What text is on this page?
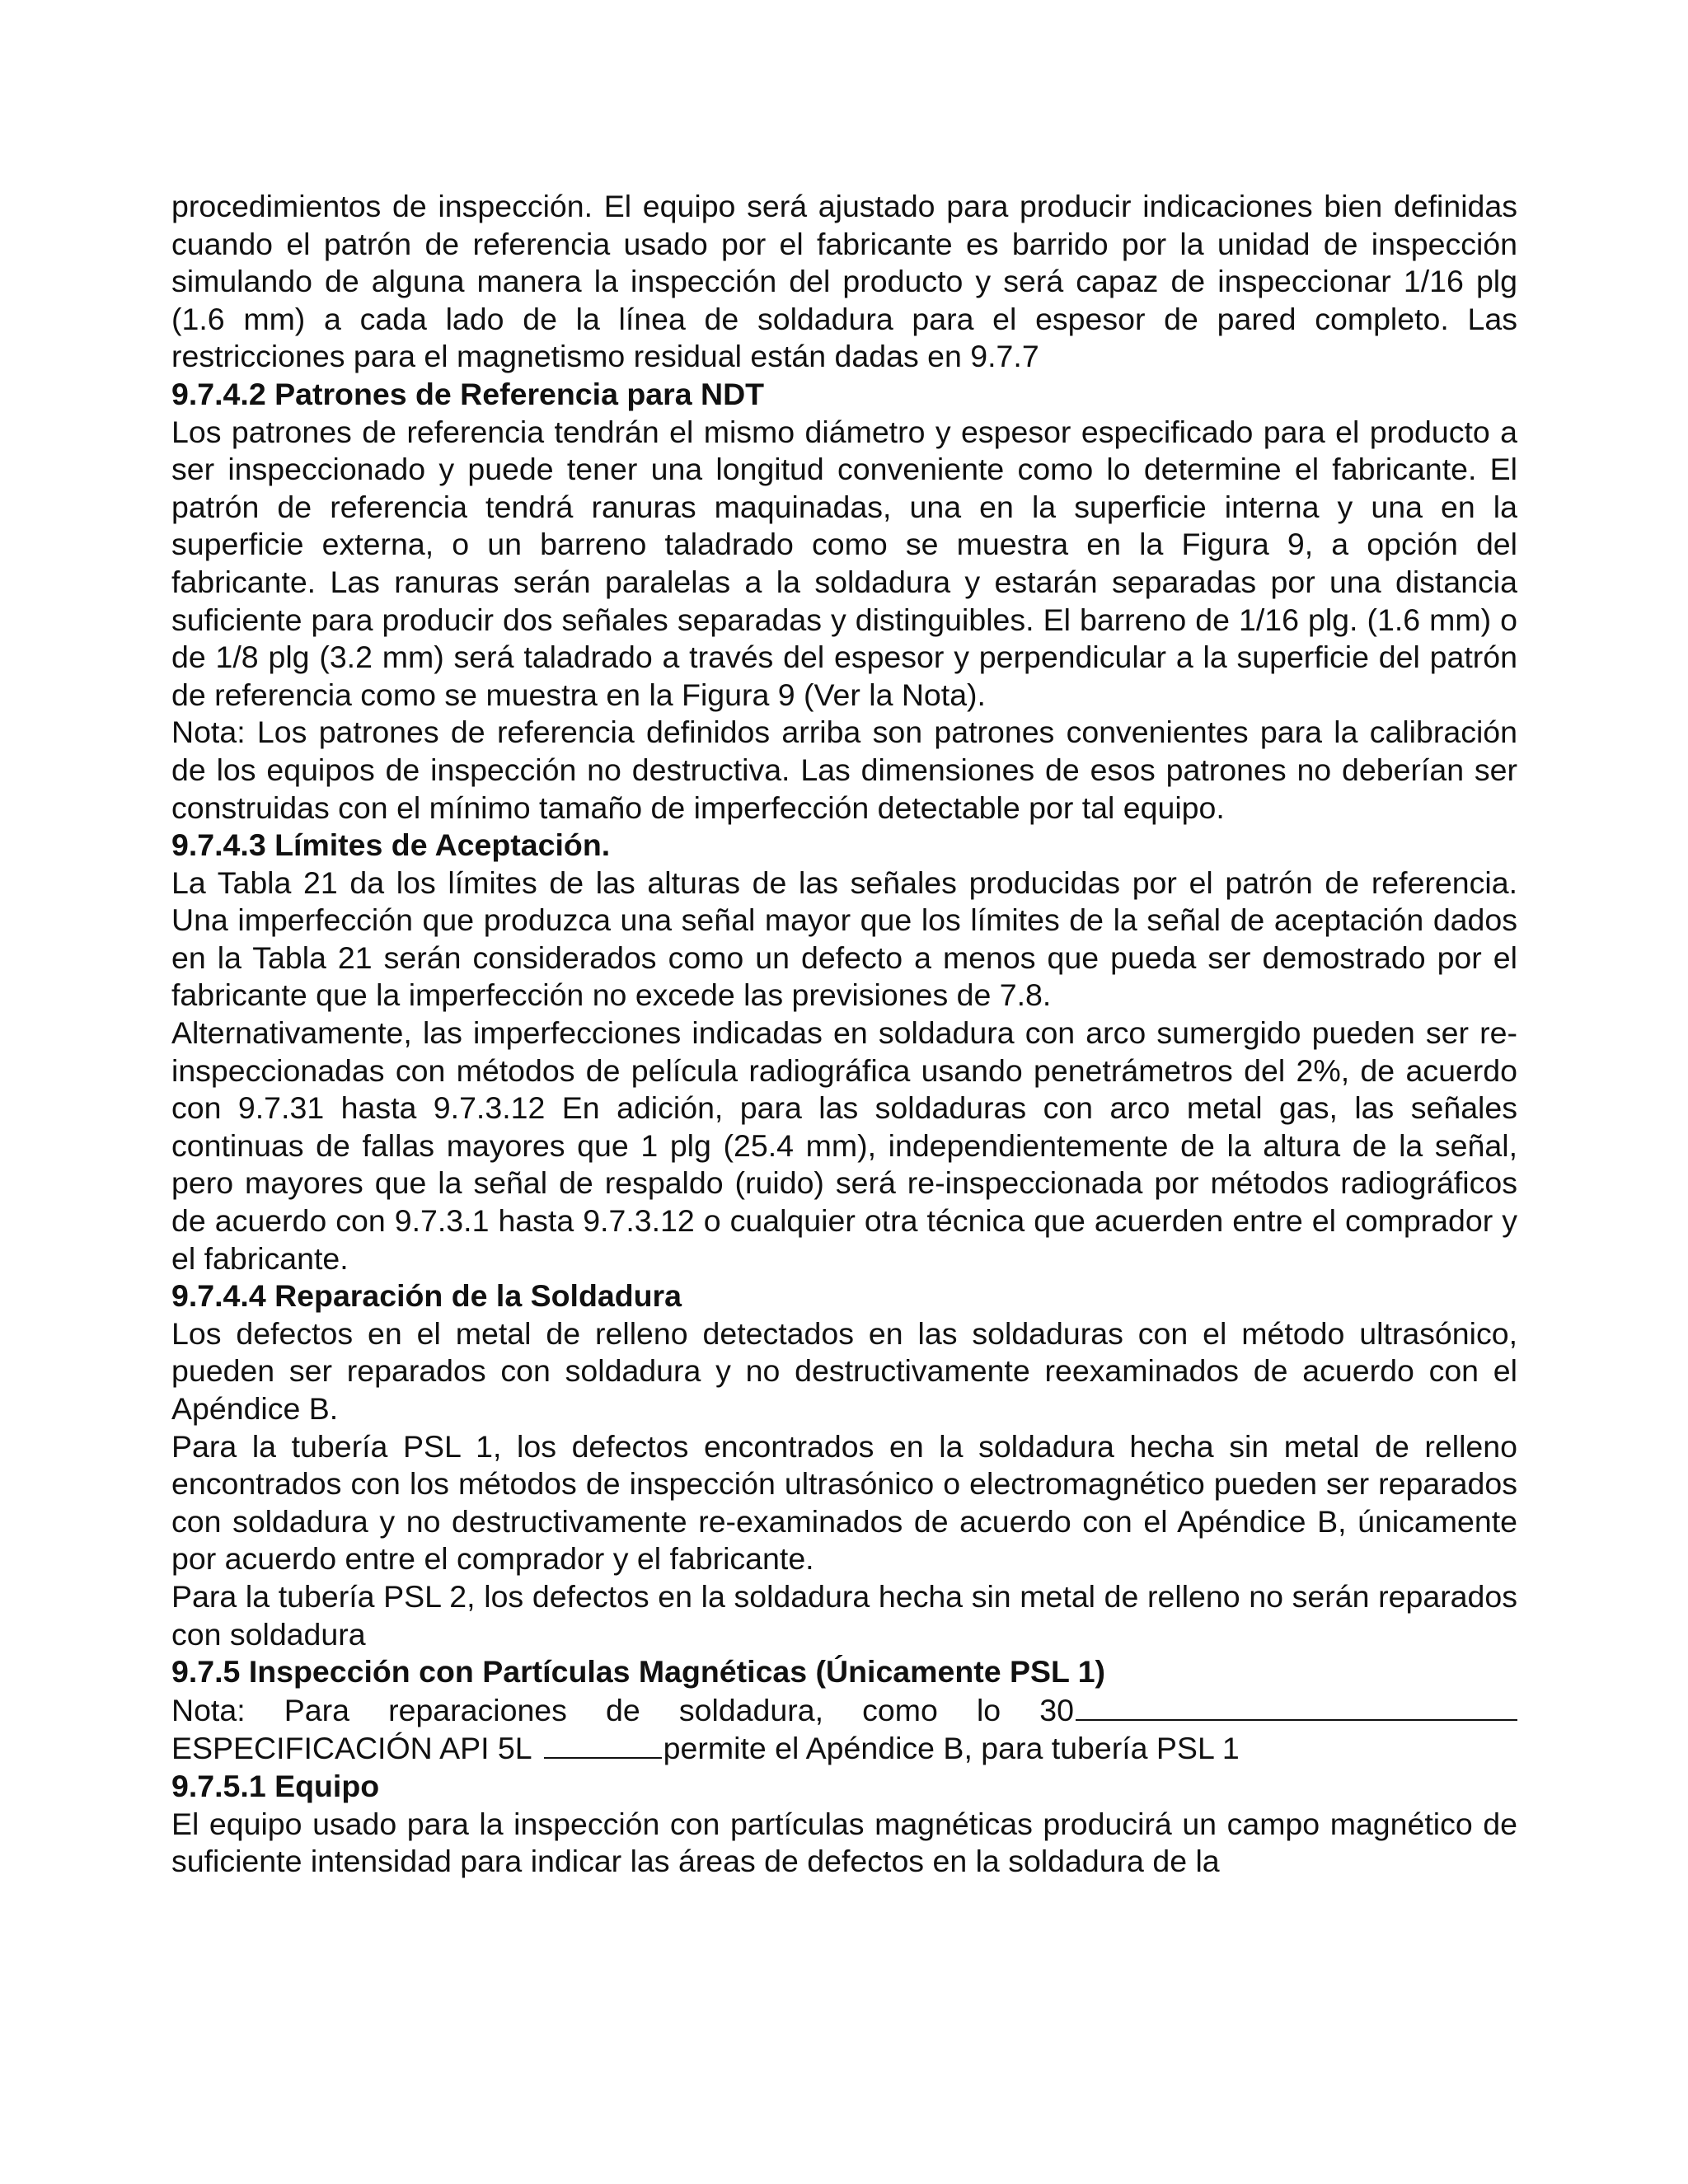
procedimientos de inspección. El equipo será ajustado para producir indicaciones bien definidas cuando el patrón de referencia usado por el fabricante es barrido por la unidad de inspección simulando de alguna manera la inspección del producto y será capaz de inspeccionar 1/16 plg (1.6 mm) a cada lado de la línea de soldadura para el espesor de pared completo. Las restricciones para el magnetismo residual están dadas en 9.7.7

9.7.4.2 Patrones de Referencia para NDT

Los patrones de referencia tendrán el mismo diámetro y espesor especificado para el producto a ser inspeccionado y puede tener una longitud conveniente como lo determine el fabricante. El patrón de referencia tendrá ranuras maquinadas, una en la superficie interna y una en la superficie externa, o un barreno taladrado como se muestra en la Figura 9, a opción del fabricante. Las ranuras serán paralelas a la soldadura y estarán separadas por una distancia suficiente para producir dos señales separadas y distinguibles. El barreno de 1/16 plg. (1.6 mm) o de 1/8 plg (3.2 mm) será taladrado a través del espesor y perpendicular a la superficie del patrón de referencia como se muestra en la Figura 9 (Ver la Nota).

Nota: Los patrones de referencia definidos arriba son patrones convenientes para la calibración de los equipos de inspección no destructiva. Las dimensiones de esos patrones no deberían ser construidas con el mínimo tamaño de imperfección detectable por tal equipo.

9.7.4.3 Límites de Aceptación.

La Tabla 21 da los límites de las alturas de las señales producidas por el patrón de referencia. Una imperfección que produzca una señal mayor que los límites de la señal de aceptación dados en la Tabla 21 serán considerados como un defecto a menos que pueda ser demostrado por el fabricante que la imperfección no excede las previsiones de 7.8.

Alternativamente, las imperfecciones indicadas en soldadura con arco sumergido pueden ser re-inspeccionadas con métodos de película radiográfica usando penetrámetros del 2%, de acuerdo con 9.7.31 hasta 9.7.3.12 En adición, para las soldaduras con arco metal gas, las señales continuas de fallas mayores que 1 plg (25.4 mm), independientemente de la altura de la señal, pero mayores que la señal de respaldo (ruido) será re-inspeccionada por métodos radiográficos de acuerdo con 9.7.3.1 hasta 9.7.3.12 o cualquier otra técnica que acuerden entre el comprador y el fabricante.

9.7.4.4 Reparación de la Soldadura

Los defectos en el metal de relleno detectados en las soldaduras con el método ultrasónico, pueden ser reparados con soldadura y no destructivamente reexaminados de acuerdo con el Apéndice B.

Para la tubería PSL 1, los defectos encontrados en la soldadura hecha sin metal de relleno encontrados con los métodos de inspección ultrasónico o electromagnético pueden ser reparados con soldadura y no destructivamente re-examinados de acuerdo con el Apéndice B, únicamente por acuerdo entre el comprador y el fabricante.

Para la tubería PSL 2, los defectos en la soldadura hecha sin metal de relleno no serán reparados con soldadura

9.7.5 Inspección con Partículas Magnéticas (Únicamente PSL 1)

Nota: Para reparaciones de soldadura, como lo 30
ESPECIFICACIÓN API 5L	permite el Apéndice B, para tubería PSL 1

9.7.5.1 Equipo

El equipo usado para la inspección con partículas magnéticas producirá un campo magnético de suficiente intensidad para indicar las áreas de defectos en la soldadura de la
